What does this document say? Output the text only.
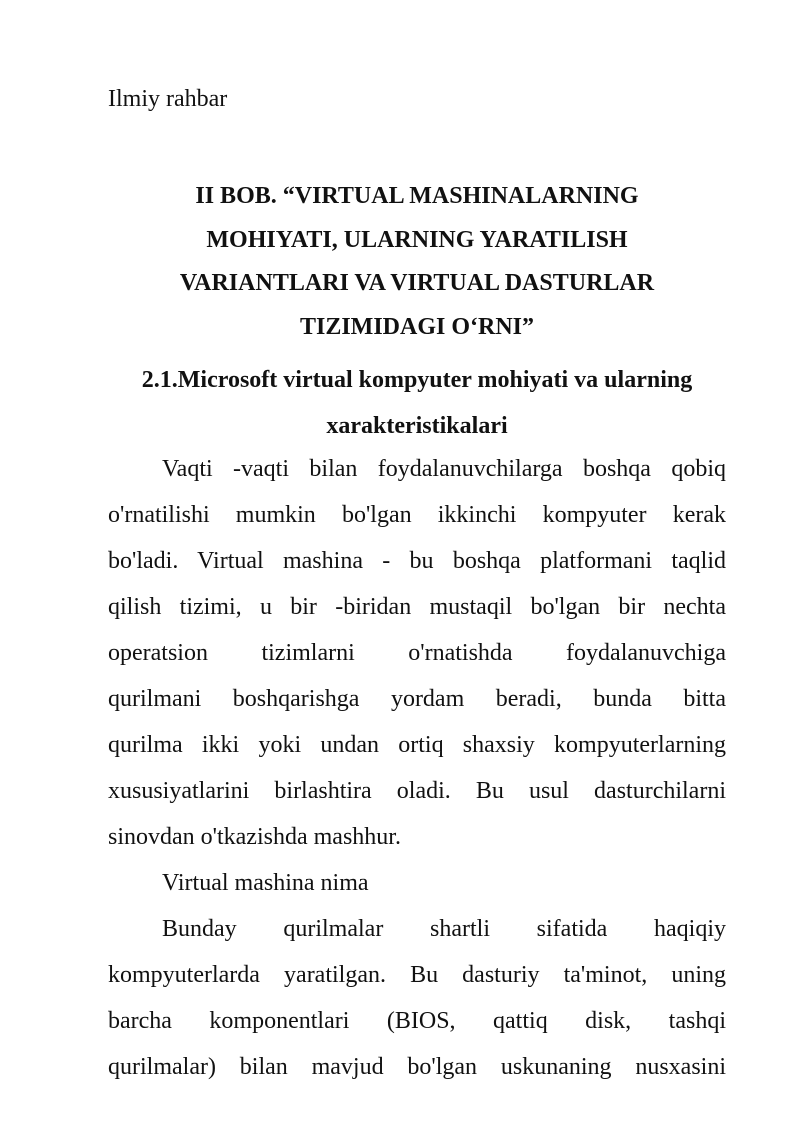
Ilmiy rahbar
II BOB. “VIRTUAL MASHINALARNING
MOHIYATI, ULARNING YARATILISH
VARIANTLARI VA VIRTUAL DASTURLAR
TIZIMIDAGI O‘RNI”
2.1.Microsoft virtual kompyuter mohiyati va ularning
xarakteristikalari
Vaqti -vaqti bilan foydalanuvchilarga boshqa qobiq
o'rnatilishi mumkin bo'lgan ikkinchi kompyuter kerak
bo'ladi. Virtual mashina - bu boshqa platformani taqlid
qilish tizimi, u bir -biridan mustaqil bo'lgan bir nechta
operatsion tizimlarni o'rnatishda foydalanuvchiga
qurilmani boshqarishga yordam beradi, bunda bitta
qurilma ikki yoki undan ortiq shaxsiy kompyuterlarning
xususiyatlarini birlashtira oladi. Bu usul dasturchilarni
sinovdan o'tkazishda mashhur.
Virtual mashina nima
Bunday qurilmalar shartli sifatida haqiqiy
kompyuterlarda yaratilgan. Bu dasturiy ta'minot, uning
barcha komponentlari (BIOS, qattiq disk, tashqi
qurilmalar) bilan mavjud bo'lgan uskunaning nusxasini
